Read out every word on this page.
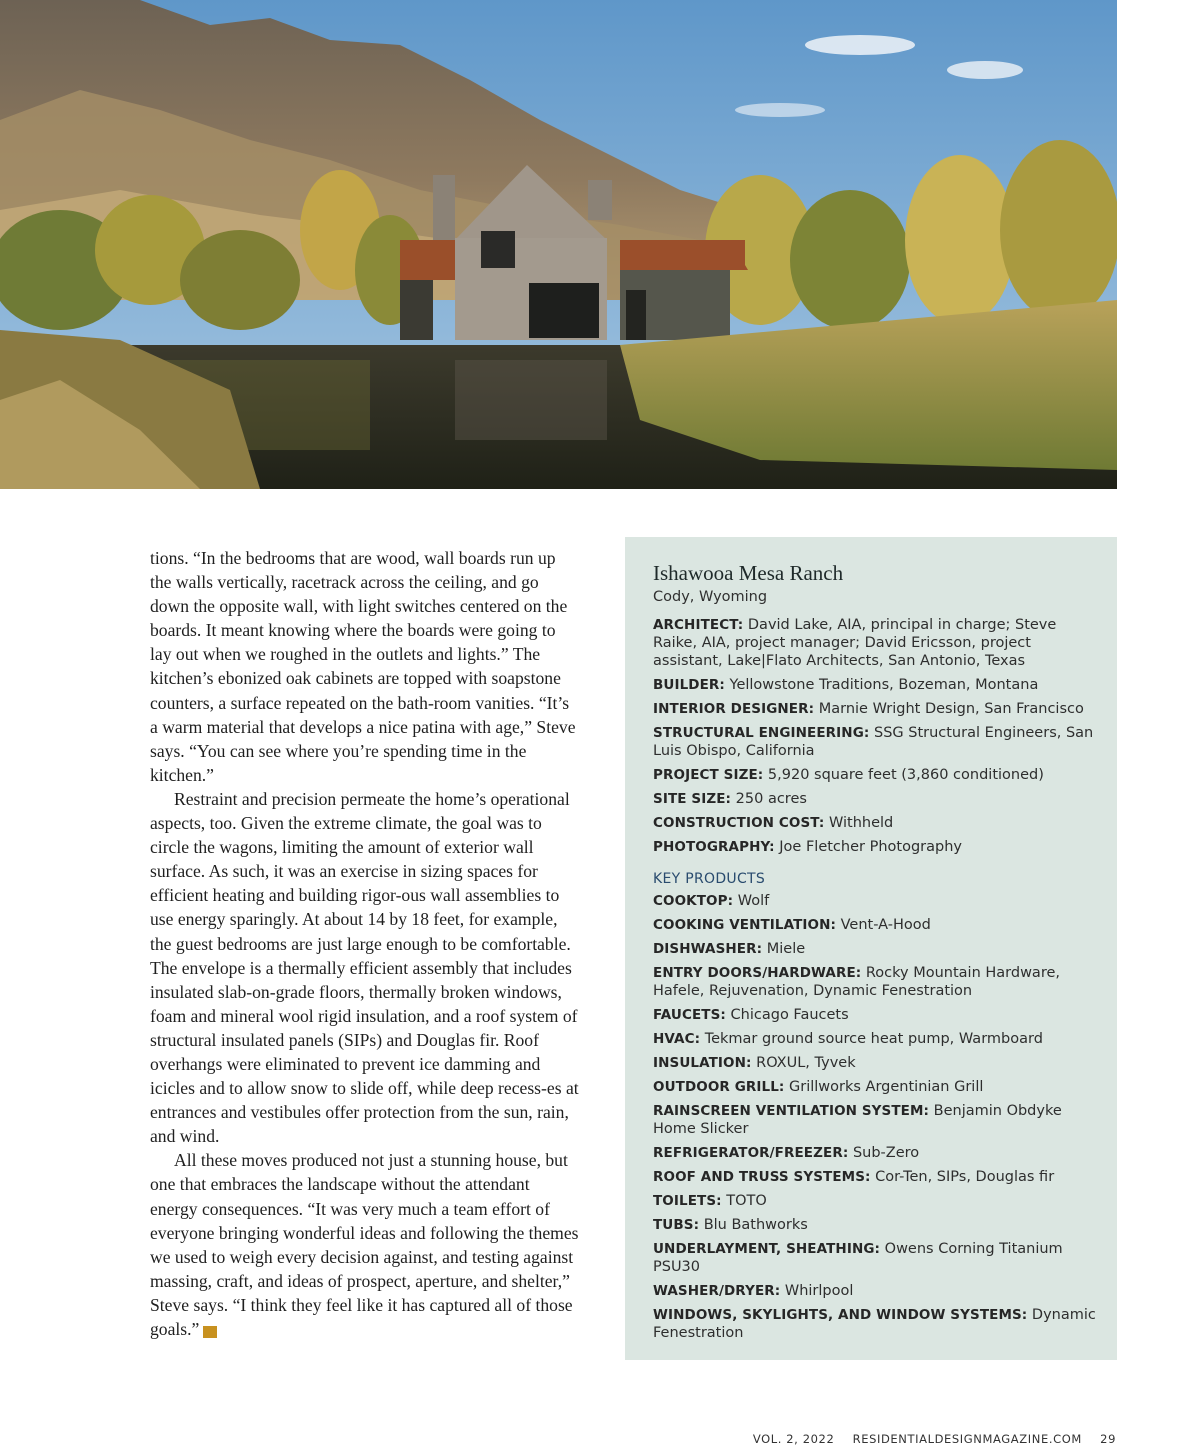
tions. “In the bedrooms that are wood, wall boards run up the walls vertically, racetrack across the ceiling, and go down the opposite wall, with light switches centered on the boards. It meant knowing where the boards were going to lay out when we roughed in the outlets and lights.” The kitchen’s ebonized oak cabinets are topped with soapstone counters, a surface repeated on the bath-room vanities. “It’s a warm material that develops a nice patina with age,” Steve says. “You can see where you’re spending time in the kitchen.”

Restraint and precision permeate the home’s operational aspects, too. Given the extreme climate, the goal was to circle the wagons, limiting the amount of exterior wall surface. As such, it was an exercise in sizing spaces for efficient heating and building rigor-ous wall assemblies to use energy sparingly. At about 14 by 18 feet, for example, the guest bedrooms are just large enough to be comfortable. The envelope is a thermally efficient assembly that includes insulated slab-on-grade floors, thermally broken windows, foam and mineral wool rigid insulation, and a roof system of structural insulated panels (SIPs) and Douglas fir. Roof overhangs were eliminated to prevent ice damming and icicles and to allow snow to slide off, while deep recess-es at entrances and vestibules offer protection from the sun, rain, and wind.

All these moves produced not just a stunning house, but one that embraces the landscape without the attendant energy consequences. “It was very much a team effort of everyone bringing wonderful ideas and following the themes we used to weigh every decision against, and testing against massing, craft, and ideas of prospect, aperture, and shelter,” Steve says. “I think they feel like it has captured all of those goals.”	RD

Ishawooa Mesa Ranch

Cody, Wyoming

ARCHITECT: David Lake, AIA, principal in charge; Steve Raike, AIA, project manager; David Ericsson, project assistant, Lake|Flato Architects, San Antonio, Texas

BUILDER: Yellowstone Traditions, Bozeman, Montana

INTERIOR DESIGNER: Marnie Wright Design, San Francisco

STRUCTURAL ENGINEERING: SSG Structural Engineers, San Luis Obispo, California

PROJECT SIZE: 5,920 square feet (3,860 conditioned)

SITE SIZE: 250 acres

CONSTRUCTION COST: Withheld

PHOTOGRAPHY: Joe Fletcher Photography

KEY PRODUCTS

COOKTOP: Wolf

COOKING VENTILATION: Vent-A-Hood

DISHWASHER: Miele

ENTRY DOORS/HARDWARE: Rocky Mountain Hardware, Hafele, Rejuvenation, Dynamic Fenestration

FAUCETS: Chicago Faucets

HVAC: Tekmar ground source heat pump, Warmboard

INSULATION: ROXUL, Tyvek

OUTDOOR GRILL: Grillworks Argentinian Grill

RAINSCREEN VENTILATION SYSTEM: Benjamin Obdyke Home Slicker

REFRIGERATOR/FREEZER: Sub-Zero

ROOF AND TRUSS SYSTEMS: Cor-Ten, SIPs, Douglas fir

TOILETS: TOTO

TUBS: Blu Bathworks

UNDERLAYMENT, SHEATHING: Owens Corning Titanium PSU30

WASHER/DRYER: Whirlpool

WINDOWS, SKYLIGHTS, AND WINDOW SYSTEMS: Dynamic Fenestration

VOL. 2, 2022 RESIDENTIALDESIGNMAGAZINE.COM 29
